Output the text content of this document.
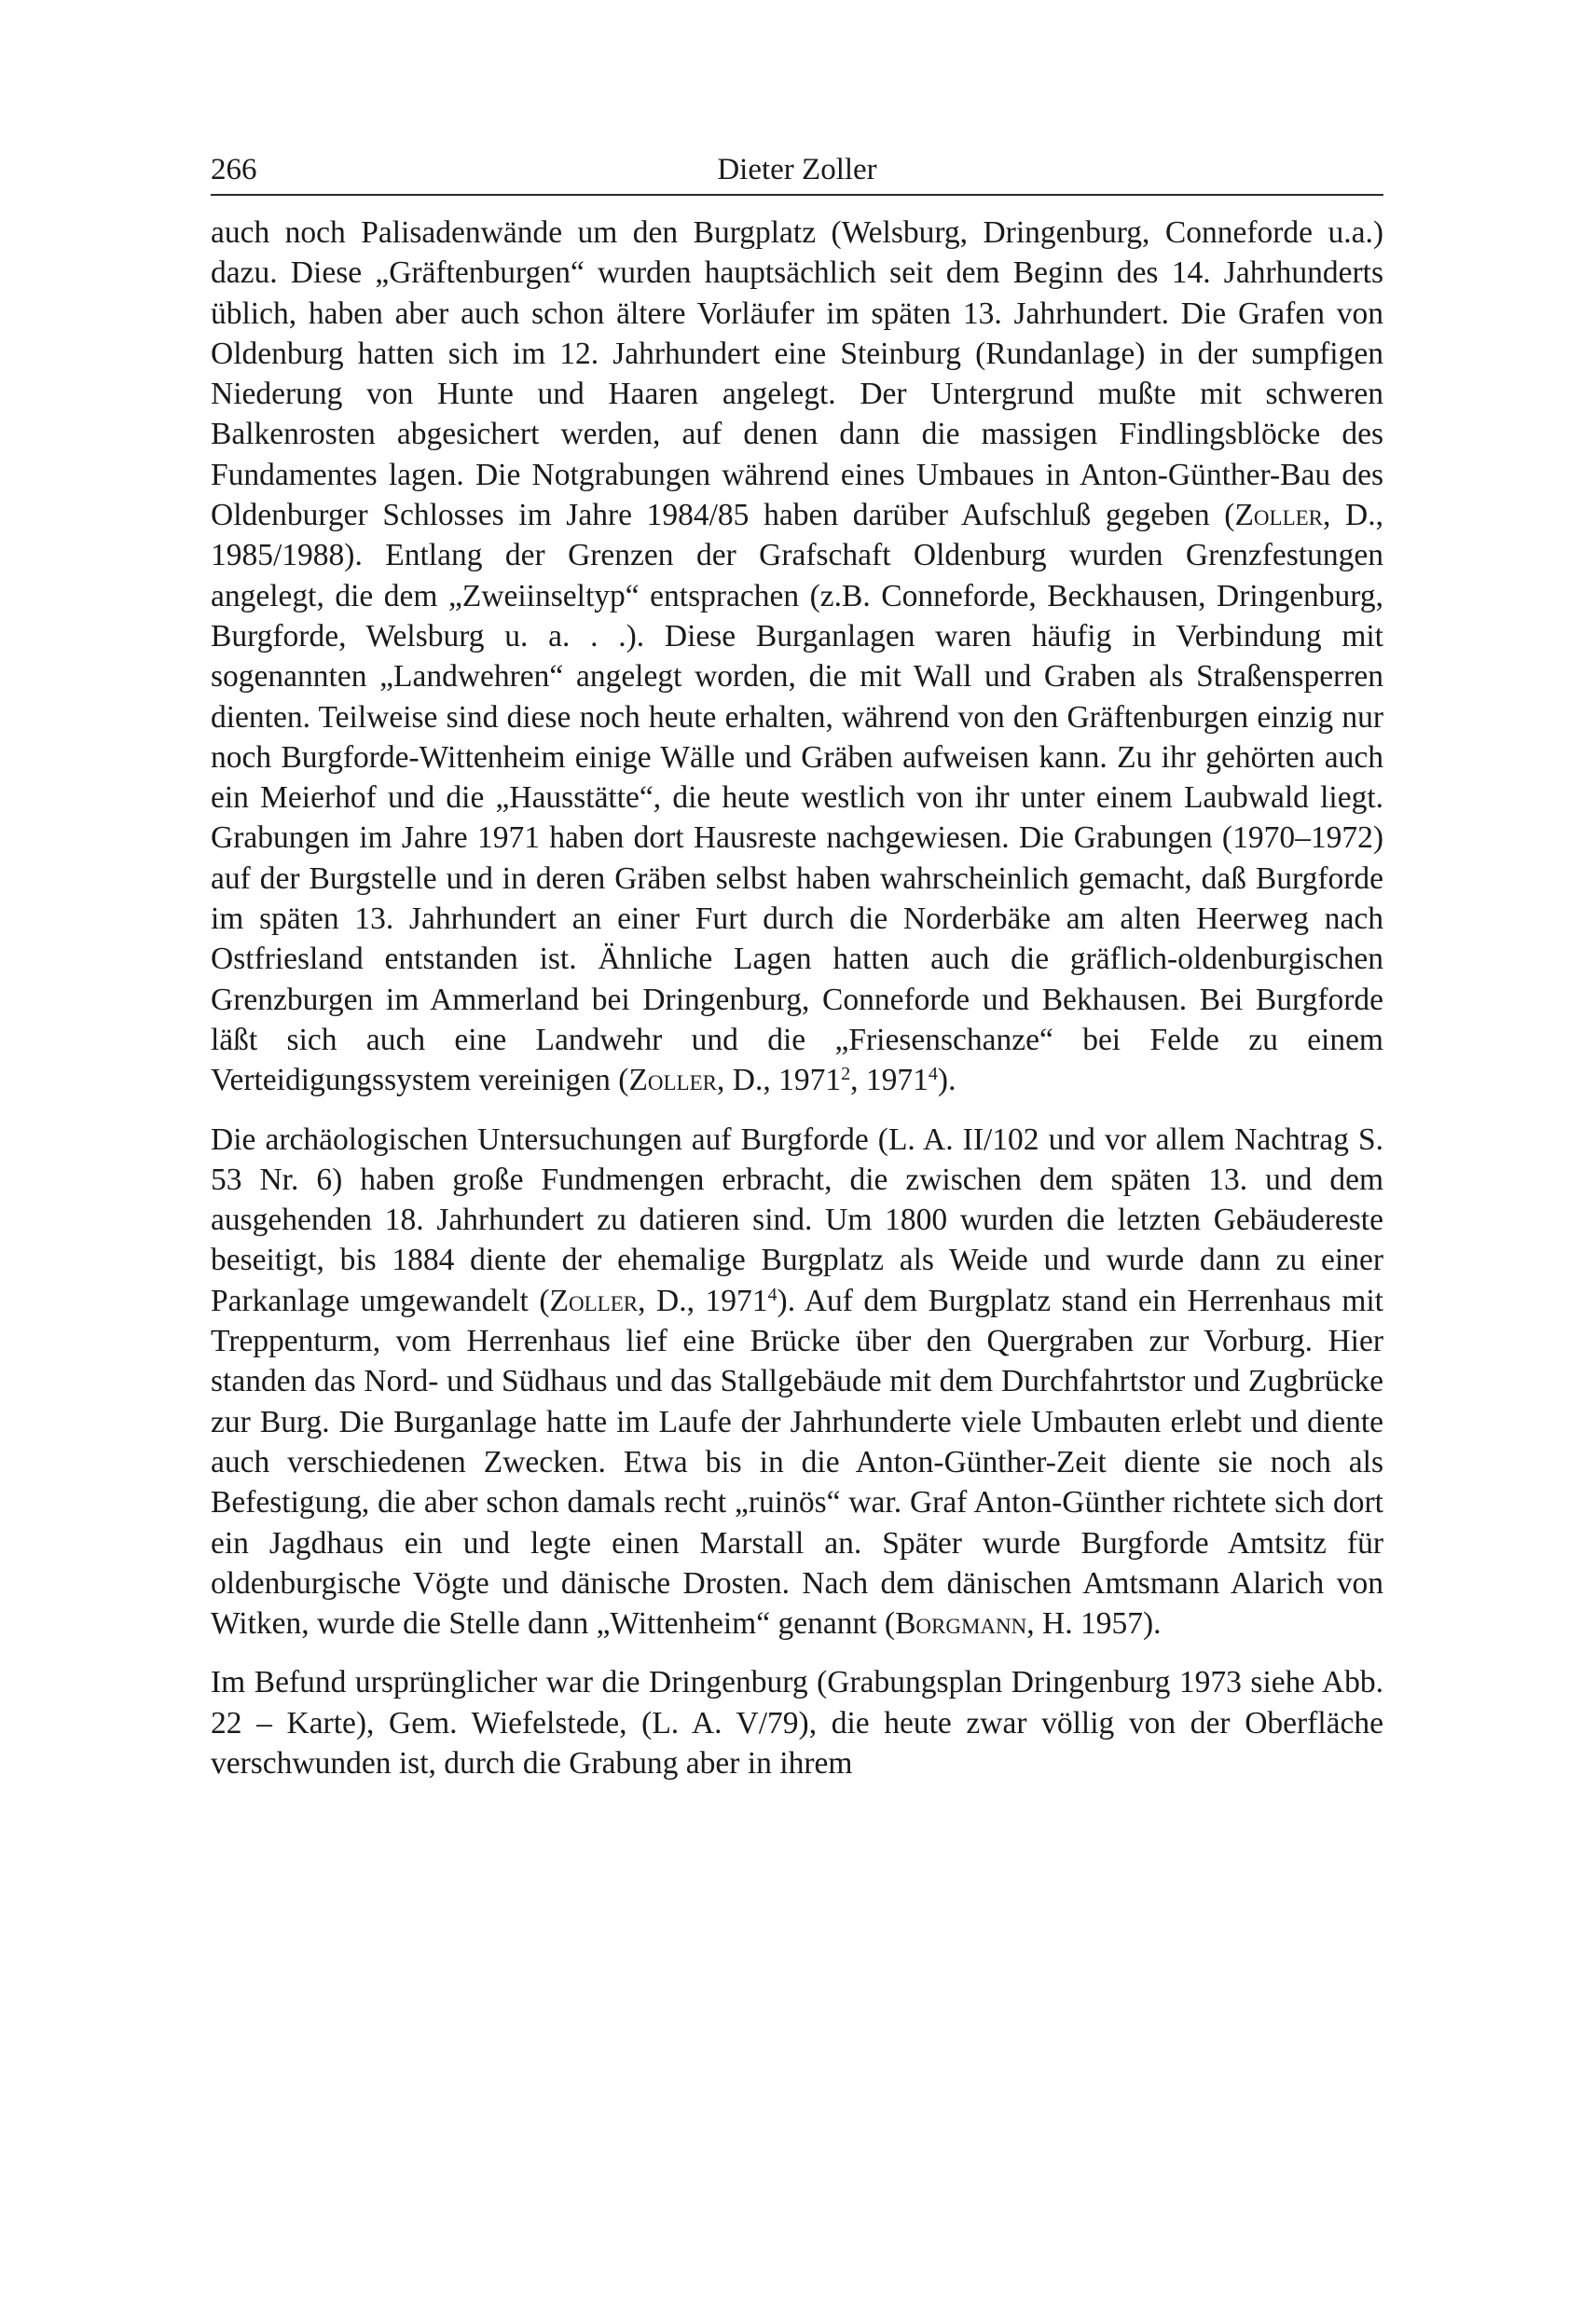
266	Dieter Zoller

auch noch Palisadenwände um den Burgplatz (Welsburg, Dringenburg, Conneforde u.a.) dazu. Diese „Gräftenburgen“ wurden hauptsächlich seit dem Beginn des 14. Jahrhunderts üblich, haben aber auch schon ältere Vorläufer im späten 13. Jahrhundert. Die Grafen von Oldenburg hatten sich im 12. Jahrhundert eine Steinburg (Rundanlage) in der sumpfigen Niederung von Hunte und Haaren angelegt. Der Untergrund mußte mit schweren Balkenrosten abgesichert werden, auf denen dann die massigen Findlingsblöcke des Fundamentes lagen. Die Notgrabungen während eines Umbaues in Anton-Günther-Bau des Oldenburger Schlosses im Jahre 1984/85 haben darüber Aufschluß gegeben (Zoller, D., 1985/1988). Entlang der Grenzen der Grafschaft Oldenburg wurden Grenzfestungen angelegt, die dem „Zweiinseltyp“ entsprachen (z.B. Conneforde, Beckhausen, Dringenburg, Burgforde, Welsburg u. a. . .). Diese Burganlagen waren häufig in Verbindung mit sogenannten „Landwehren“ angelegt worden, die mit Wall und Graben als Straßensperren dienten. Teilweise sind diese noch heute erhalten, während von den Gräftenburgen einzig nur noch Burgforde-Wittenheim einige Wälle und Gräben aufweisen kann. Zu ihr gehörten auch ein Meierhof und die „Hausstätte“, die heute westlich von ihr unter einem Laubwald liegt. Grabungen im Jahre 1971 haben dort Hausreste nachgewiesen. Die Grabungen (1970–1972) auf der Burgstelle und in deren Gräben selbst haben wahrscheinlich gemacht, daß Burgforde im späten 13. Jahrhundert an einer Furt durch die Norderbäke am alten Heerweg nach Ostfriesland entstanden ist. Ähnliche Lagen hatten auch die gräflich-oldenburgischen Grenzburgen im Ammerland bei Dringenburg, Conneforde und Bekhausen. Bei Burgforde läßt sich auch eine Landwehr und die „Friesenschanze“ bei Felde zu einem Verteidigungssystem vereinigen (Zoller, D., 1971$^2$, 1971$^4$).

Die archäologischen Untersuchungen auf Burgforde (L. A. II/102 und vor allem Nachtrag S. 53 Nr. 6) haben große Fundmengen erbracht, die zwischen dem späten 13. und dem ausgehenden 18. Jahrhundert zu datieren sind. Um 1800 wurden die letzten Gebäudereste beseitigt, bis 1884 diente der ehemalige Burgplatz als Weide und wurde dann zu einer Parkanlage umgewandelt (Zoller, D., 1971$^4$). Auf dem Burgplatz stand ein Herrenhaus mit Treppenturm, vom Herrenhaus lief eine Brücke über den Quergraben zur Vorburg. Hier standen das Nord- und Südhaus und das Stallgebäude mit dem Durchfahrtstor und Zugbrücke zur Burg. Die Burganlage hatte im Laufe der Jahrhunderte viele Umbauten erlebt und diente auch verschiedenen Zwecken. Etwa bis in die Anton-Günther-Zeit diente sie noch als Befestigung, die aber schon damals recht „ruinös“ war. Graf Anton-Günther richtete sich dort ein Jagdhaus ein und legte einen Marstall an. Später wurde Burgforde Amtsitz für oldenburgische Vögte und dänische Drosten. Nach dem dänischen Amtsmann Alarich von Witken, wurde die Stelle dann „Wittenheim“ genannt (Borgmann, H. 1957).

Im Befund ursprünglicher war die Dringenburg (Grabungsplan Dringenburg 1973 siehe Abb. 22 – Karte), Gem. Wiefelstede, (L. A. V/79), die heute zwar völlig von der Oberfläche verschwunden ist, durch die Grabung aber in ihrem
